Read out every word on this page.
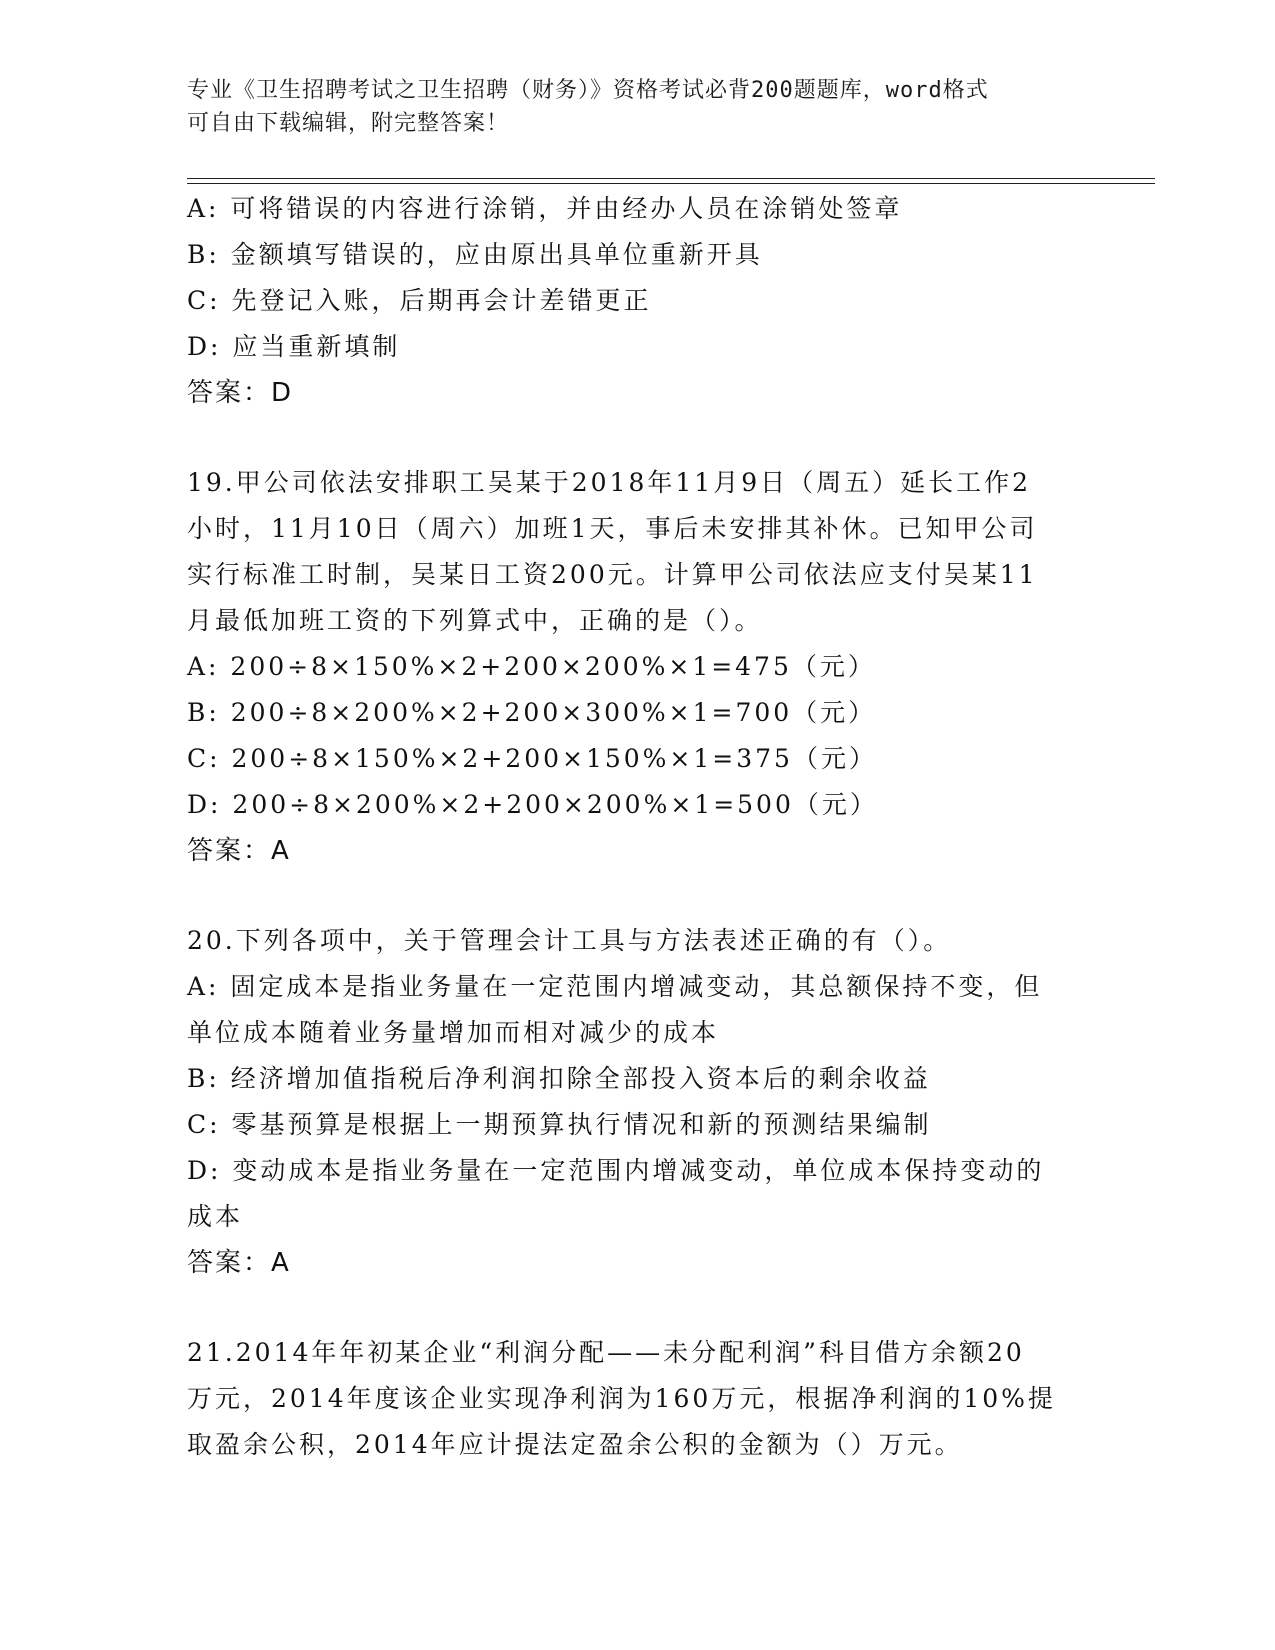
专业《卫生招聘考试之卫生招聘（财务）》资格考试必背200题题库，word格式
可自由下载编辑，附完整答案！
A: 可将错误的内容进行涂销，并由经办人员在涂销处签章
B: 金额填写错误的，应由原出具单位重新开具
C: 先登记入账，后期再会计差错更正
D: 应当重新填制
答案：D
19.甲公司依法安排职工吴某于2018年11月9日（周五）延长工作2
小时，11月10日（周六）加班1天，事后未安排其补休。已知甲公司
实行标准工时制，吴某日工资200元。计算甲公司依法应支付吴某11
月最低加班工资的下列算式中，正确的是（）。
A: 200÷8×150%×2+200×200%×1=475（元）
B: 200÷8×200%×2+200×300%×1=700（元）
C: 200÷8×150%×2+200×150%×1=375（元）
D: 200÷8×200%×2+200×200%×1=500（元）
答案：A
20.下列各项中，关于管理会计工具与方法表述正确的有（）。
A: 固定成本是指业务量在一定范围内增减变动，其总额保持不变，但
单位成本随着业务量增加而相对减少的成本
B: 经济增加值指税后净利润扣除全部投入资本后的剩余收益
C: 零基预算是根据上一期预算执行情况和新的预测结果编制
D: 变动成本是指业务量在一定范围内增减变动，单位成本保持变动的
成本
答案：A
21.2014年年初某企业“利润分配——未分配利润”科目借方余额20
万元，2014年度该企业实现净利润为160万元，根据净利润的10%提
取盈余公积，2014年应计提法定盈余公积的金额为（）万元。
